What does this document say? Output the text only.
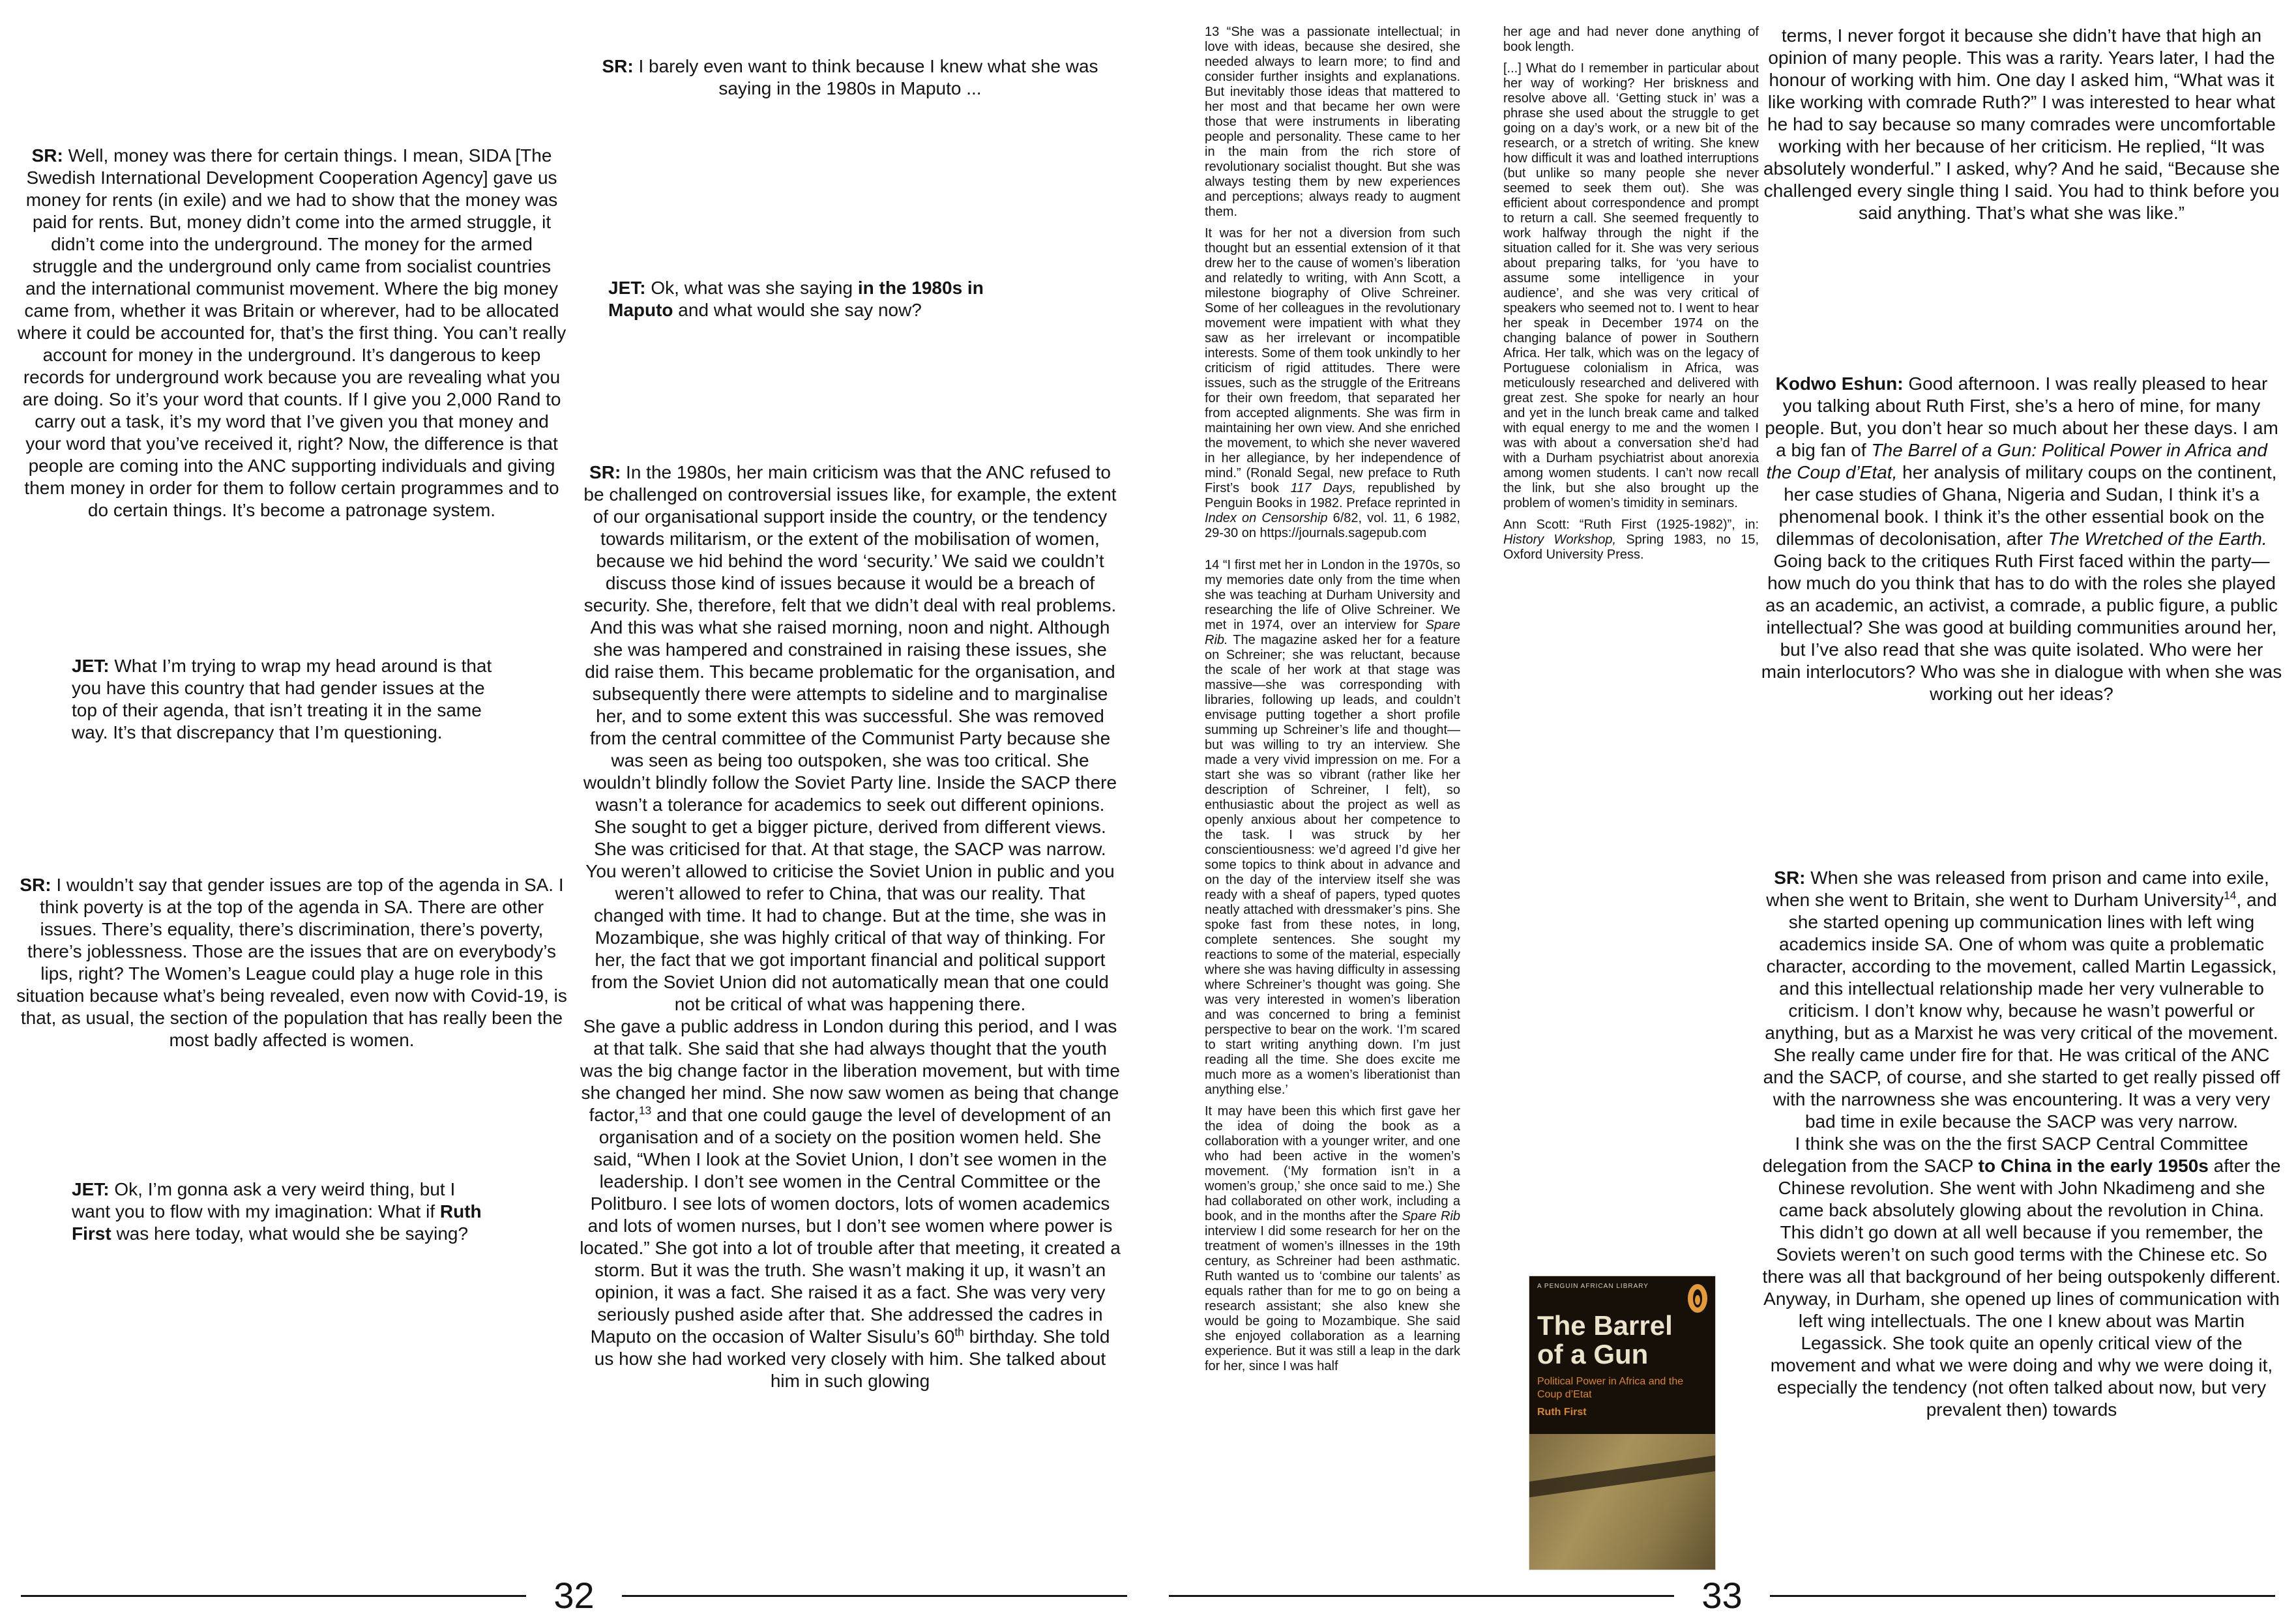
SR: Well, money was there for certain things. I mean, SIDA [The Swedish International Development Cooperation Agency] gave us money for rents (in exile) and we had to show that the money was paid for rents. But, money didn’t come into the armed struggle, it didn’t come into the underground. The money for the armed struggle and the underground only came from socialist countries and the international communist movement. Where the big money came from, whether it was Britain or wherever, had to be allocated where it could be accounted for, that’s the first thing. You can’t really account for money in the underground. It’s dangerous to keep records for underground work because you are revealing what you are doing. So it’s your word that counts. If I give you 2,000 Rand to carry out a task, it’s my word that I’ve given you that money and your word that you’ve received it, right? Now, the difference is that people are coming into the ANC supporting individuals and giving them money in order for them to follow certain programmes and to do certain things. It’s become a patronage system.

JET: What I’m trying to wrap my head around is that you have this country that had gender issues at the top of their agenda, that isn’t treating it in the same way. It’s that discrepancy that I’m questioning.

SR: I wouldn’t say that gender issues are top of the agenda in SA. I think poverty is at the top of the agenda in SA. There are other issues. There’s equality, there’s discrimination, there’s poverty, there’s joblessness. Those are the issues that are on everybody’s lips, right? The Women’s League could play a huge role in this situation because what’s being revealed, even now with Covid-19, is that, as usual, the section of the population that has really been the most badly affected is women.

JET: Ok, I’m gonna ask a very weird thing, but I want you to flow with my imagination: What if Ruth First was here today, what would she be saying?

SR: I barely even want to think because I knew what she was saying in the 1980s in Maputo ...

JET: Ok, what was she saying in the 1980s in Maputo and what would she say now?

SR: In the 1980s, her main criticism was that the ANC refused to be challenged on controversial issues like, for example, the extent of our organisational support inside the country, or the tendency towards militarism, or the extent of the mobilisation of women, because we hid behind the word ‘security.’ We said we couldn’t discuss those kind of issues because it would be a breach of security. She, therefore, felt that we didn’t deal with real problems. And this was what she raised morning, noon and night. Although she was hampered and constrained in raising these issues, she did raise them. This became problematic for the organisation, and subsequently there were attempts to sideline and to marginalise her, and to some extent this was successful. She was removed from the central committee of the Communist Party because she was seen as being too outspoken, she was too critical. She wouldn’t blindly follow the Soviet Party line. Inside the SACP there wasn’t a tolerance for academics to seek out different opinions. She sought to get a bigger picture, derived from different views. She was criticised for that. At that stage, the SACP was narrow. You weren’t allowed to criticise the Soviet Union in public and you weren’t allowed to refer to China, that was our reality. That changed with time. It had to change. But at the time, she was in Mozambique, she was highly critical of that way of thinking. For her, the fact that we got important financial and political support from the Soviet Union did not automatically mean that one could not be critical of what was happening there.

She gave a public address in London during this period, and I was at that talk. She said that she had always thought that the youth was the big change factor in the liberation movement, but with time she changed her mind. She now saw women as being that change factor,$^{13}$ and that one could gauge the level of development of an organisation and of a society on the position women held. She said, “When I look at the Soviet Union, I don’t see women in the leadership. I don’t see women in the Central Committee or the Politburo. I see lots of women doctors, lots of women academics and lots of women nurses, but I don’t see women where power is located.” She got into a lot of trouble after that meeting, it created a storm. But it was the truth. She wasn’t making it up, it wasn’t an opinion, it was a fact. She raised it as a fact. She was very very seriously pushed aside after that. She addressed the cadres in Maputo on the occasion of Walter Sisulu’s 60th birthday. She told us how she had worked very closely with him. She talked about him in such glowing

32

13 “She was a passionate intellectual; in love with ideas, because she desired, she needed always to learn more; to find and consider further insights and explanations. But inevitably those ideas that mattered to her most and that became her own were those that were instruments in liberating people and personality. These came to her in the main from the rich store of revolutionary socialist thought. But she was always testing them by new experiences and perceptions; always ready to augment them.

It was for her not a diversion from such thought but an essential extension of it that drew her to the cause of women’s liberation and relatedly to writing, with Ann Scott, a milestone biography of Olive Schreiner. Some of her colleagues in the revolutionary movement were impatient with what they saw as her irrelevant or incompatible interests. Some of them took unkindly to her criticism of rigid attitudes. There were issues, such as the struggle of the Eritreans for their own freedom, that separated her from accepted alignments. She was firm in maintaining her own view. And she enriched the movement, to which she never wavered in her allegiance, by her independence of mind.” (Ronald Segal, new preface to Ruth First’s book 117 Days, republished by Penguin Books in 1982. Preface reprinted in Index on Censorship 6/82, vol. 11, 6 1982, 29-30 on https://journals.sagepub.com

14 “I first met her in London in the 1970s, so my memories date only from the time when she was teaching at Durham University and researching the life of Olive Schreiner. We met in 1974, over an interview for Spare Rib. The magazine asked her for a feature on Schreiner; she was reluctant, because the scale of her work at that stage was massive—she was corresponding with libraries, following up leads, and couldn’t envisage putting together a short profile summing up Schreiner’s life and thought—but was willing to try an interview. She made a very vivid impression on me. For a start she was so vibrant (rather like her description of Schreiner, I felt), so enthusiastic about the project as well as openly anxious about her competence to the task. I was struck by her conscientiousness: we’d agreed I’d give her some topics to think about in advance and on the day of the interview itself she was ready with a sheaf of papers, typed quotes neatly attached with dressmaker’s pins. She spoke fast from these notes, in long, complete sentences. She sought my reactions to some of the material, especially where she was having difficulty in assessing where Schreiner’s thought was going. She was very interested in women’s liberation and was concerned to bring a feminist perspective to bear on the work. ‘I’m scared to start writing anything down. I’m just reading all the time. She does excite me much more as a women’s liberationist than anything else.’

It may have been this which first gave her the idea of doing the book as a collaboration with a younger writer, and one who had been active in the women’s movement. (‘My formation isn’t in a women’s group,’ she once said to me.) She had collaborated on other work, including a book, and in the months after the Spare Rib interview I did some research for her on the treatment of women’s illnesses in the 19th century, as Schreiner had been asthmatic. Ruth wanted us to ‘combine our talents’ as equals rather than for me to go on being a research assistant; she also knew she would be going to Mozambique. She said she enjoyed collaboration as a learning experience. But it was still a leap in the dark for her, since I was half

her age and had never done anything of book length.

[...] What do I remember in particular about her way of working? Her briskness and resolve above all. ‘Getting stuck in’ was a phrase she used about the struggle to get going on a day’s work, or a new bit of the research, or a stretch of writing. She knew how difficult it was and loathed interruptions (but unlike so many people she never seemed to seek them out). She was efficient about correspondence and prompt to return a call. She seemed frequently to work halfway through the night if the situation called for it. She was very serious about preparing talks, for ‘you have to assume some intelligence in your audience’, and she was very critical of speakers who seemed not to. I went to hear her speak in December 1974 on the changing balance of power in Southern Africa. Her talk, which was on the legacy of Portuguese colonialism in Africa, was meticulously researched and delivered with great zest. She spoke for nearly an hour and yet in the lunch break came and talked with equal energy to me and the women I was with about a conversation she’d had with a Durham psychiatrist about anorexia among women students. I can’t now recall the link, but she also brought up the problem of women’s timidity in seminars.

Ann Scott: “Ruth First (1925-1982)”, in: History Workshop, Spring 1983, no 15, Oxford University Press.

terms, I never forgot it because she didn’t have that high an opinion of many people. This was a rarity. Years later, I had the honour of working with him. One day I asked him, “What was it like working with comrade Ruth?” I was interested to hear what he had to say because so many comrades were uncomfortable working with her because of her criticism. He replied, “It was absolutely wonderful.” I asked, why? And he said, “Because she challenged every single thing I said. You had to think before you said anything. That’s what she was like.”

Kodwo Eshun: Good afternoon. I was really pleased to hear you talking about Ruth First, she’s a hero of mine, for many people. But, you don’t hear so much about her these days. I am a big fan of The Barrel of a Gun: Political Power in Africa and the Coup d’Etat, her analysis of military coups on the continent, her case studies of Ghana, Nigeria and Sudan, I think it’s a phenomenal book. I think it’s the other essential book on the dilemmas of decolonisation, after The Wretched of the Earth. Going back to the critiques Ruth First faced within the party—how much do you think that has to do with the roles she played as an academic, an activist, a comrade, a public figure, a public intellectual? She was good at building communities around her, but I’ve also read that she was quite isolated. Who were her main interlocutors? Who was she in dialogue with when she was working out her ideas?

SR: When she was released from prison and came into exile, when she went to Britain, she went to Durham University$^{14}$, and she started opening up communication lines with left wing academics inside SA. One of whom was quite a problematic character, according to the movement, called Martin Legassick, and this intellectual relationship made her very vulnerable to criticism. I don’t know why, because he wasn’t powerful or anything, but as a Marxist he was very critical of the movement. She really came under fire for that. He was critical of the ANC and the SACP, of course, and she started to get really pissed off with the narrowness she was encountering. It was a very very bad time in exile because the SACP was very narrow.

I think she was on the the first SACP Central Committee delegation from the SACP to China in the early 1950s after the Chinese revolution. She went with John Nkadimeng and she came back absolutely glowing about the revolution in China. This didn’t go down at all well because if you remember, the Soviets weren’t on such good terms with the Chinese etc. So there was all that background of her being outspokenly different. Anyway, in Durham, she opened up lines of communication with left wing intellectuals. The one I knew about was Martin Legassick. She took quite an openly critical view of the movement and what we were doing and why we were doing it, especially the tendency (not often talked about now, but very prevalent then) towards

A PENGUIN AFRICAN LIBRARY
The Barrel of a Gun
Political Power in Africa and the Coup d’Etat
Ruth First
33
